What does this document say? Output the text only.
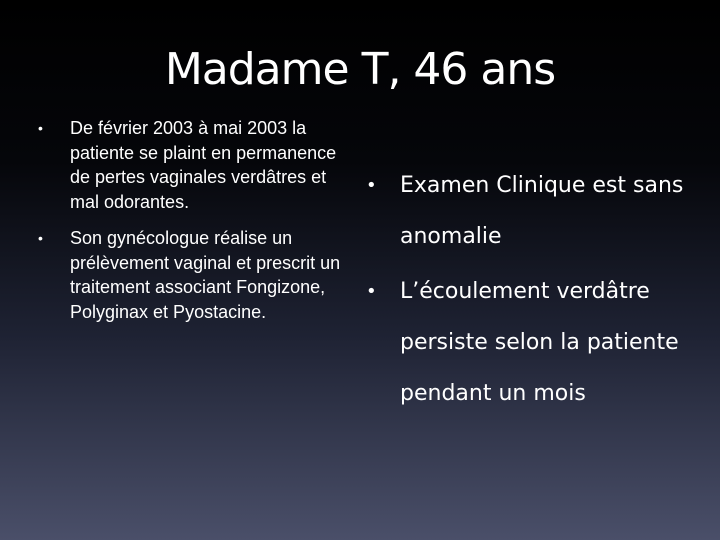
Madame T, 46 ans
•	De février 2003 à mai 2003 la patiente se plaint en permanence de pertes vaginales verdâtres et mal odorantes.
•	Son gynécologue réalise un prélèvement vaginal et prescrit un traitement associant Fongizone, Polyginax et Pyostacine.
•	Examen Clinique est sans anomalie
•	L’écoulement verdâtre persiste selon la patiente pendant un mois
